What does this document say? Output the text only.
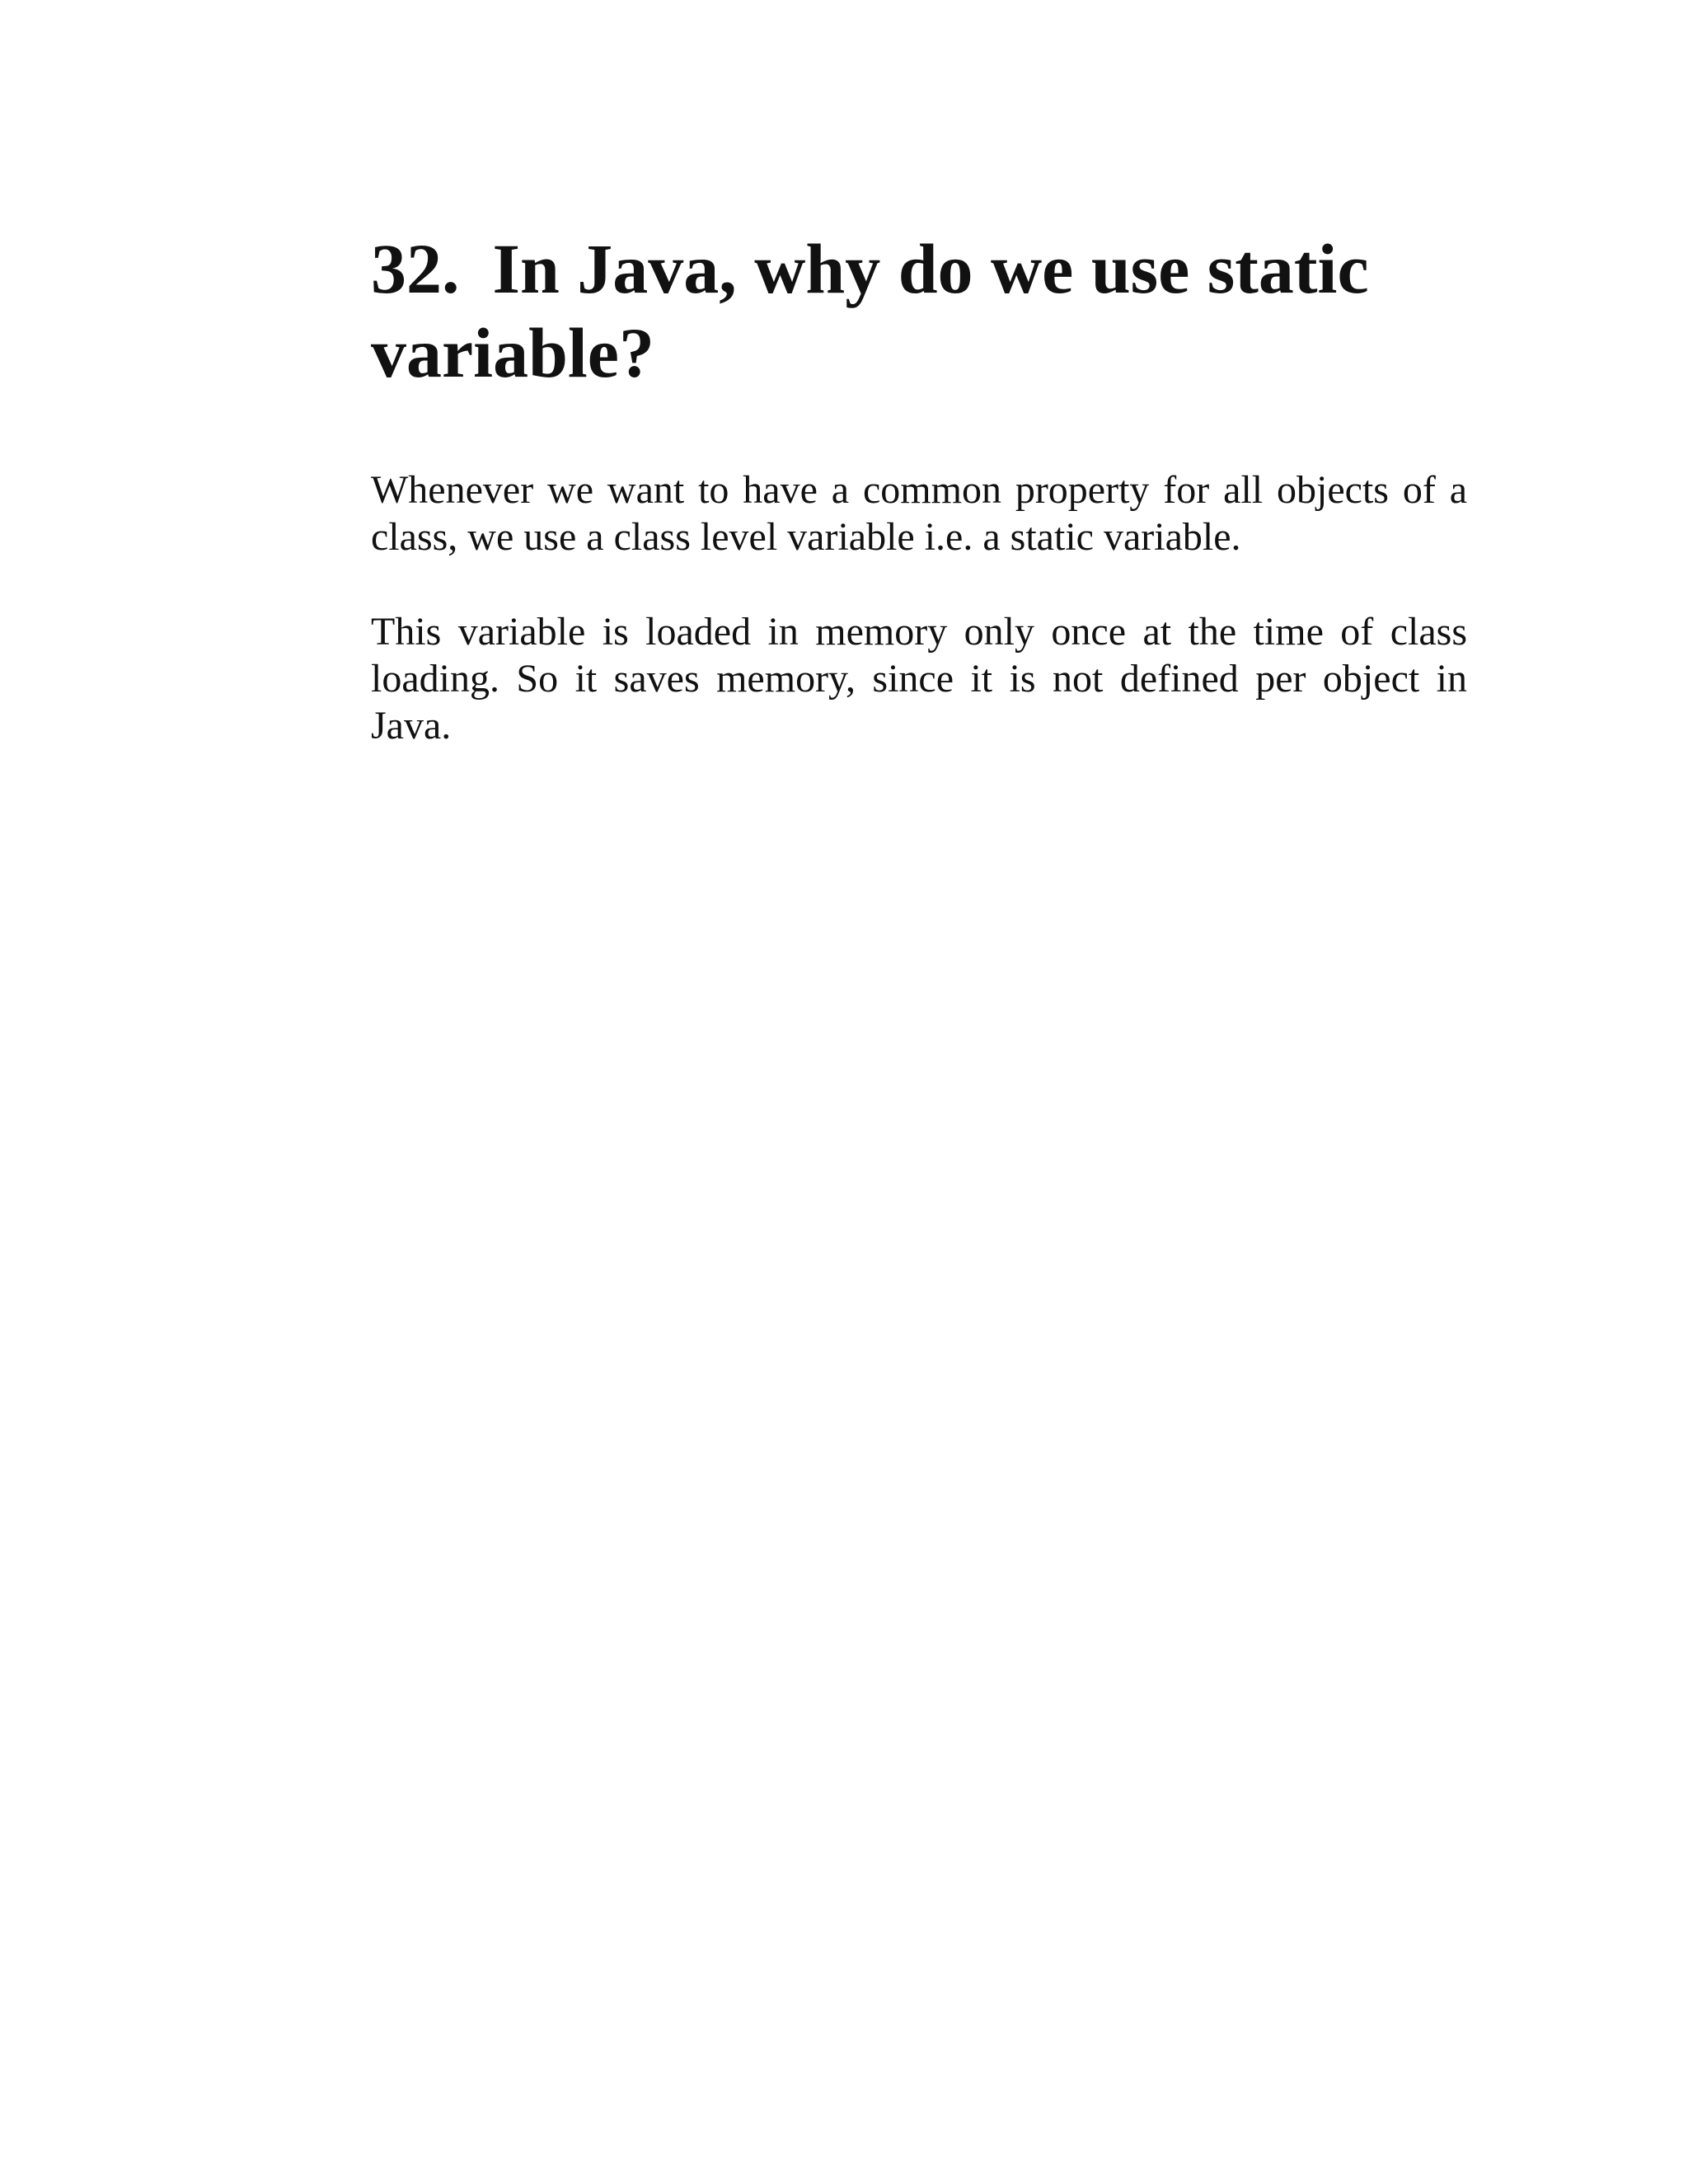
32. In Java, why do we use static
variable?

Whenever we want to have a common property for all objects of a
class, we use a class level variable i.e. a static variable.

This variable is loaded in memory only once at the time of class
loading. So it saves memory, since it is not defined per object in
Java.
